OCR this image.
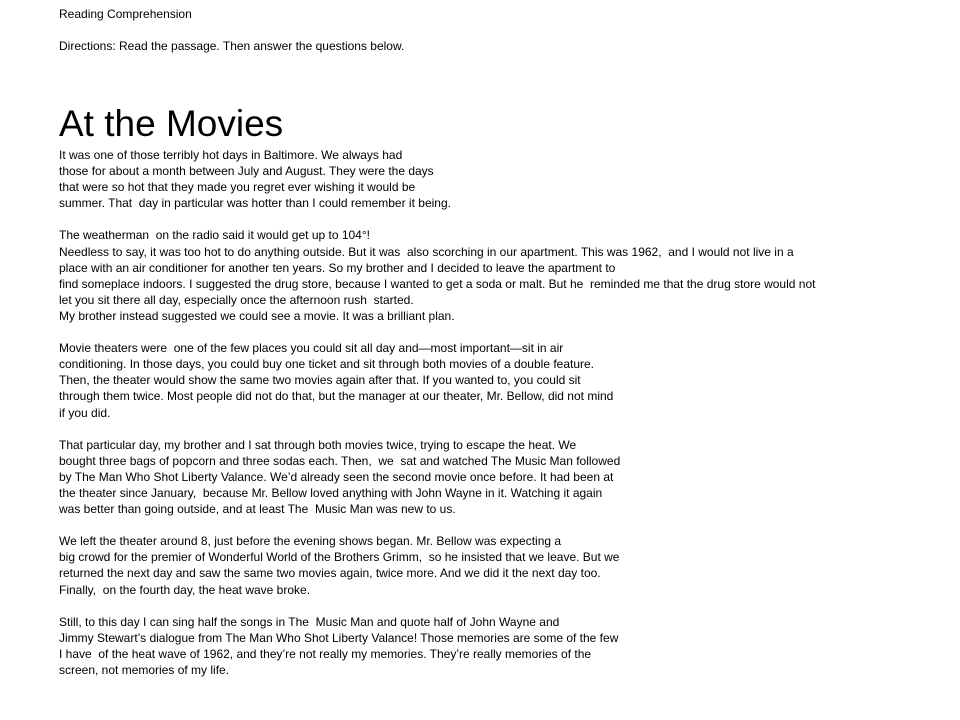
Reading Comprehension
Directions: Read the passage. Then answer the questions below.
At the Movies
It was one of those terribly hot days in Baltimore. We always had
those for about a month between July and August. They were the days
that were so hot that they made you regret ever wishing it would be
summer. That  day in particular was hotter than I could remember it being.
The weatherman  on the radio said it would get up to 104°!
Needless to say, it was too hot to do anything outside. But it was  also scorching in our apartment. This was 1962,  and I would not live in a
place with an air conditioner for another ten years. So my brother and I decided to leave the apartment to
find someplace indoors. I suggested the drug store, because I wanted to get a soda or malt. But he  reminded me that the drug store would not
let you sit there all day, especially once the afternoon rush  started.
My brother instead suggested we could see a movie. It was a brilliant plan.
Movie theaters were  one of the few places you could sit all day and—most important—sit in air
conditioning. In those days, you could buy one ticket and sit through both movies of a double feature.
Then, the theater would show the same two movies again after that. If you wanted to, you could sit
through them twice. Most people did not do that, but the manager at our theater, Mr. Bellow, did not mind
if you did.
That particular day, my brother and I sat through both movies twice, trying to escape the heat. We
bought three bags of popcorn and three sodas each. Then,  we  sat and watched The Music Man followed
by The Man Who Shot Liberty Valance. We’d already seen the second movie once before. It had been at
the theater since January,  because Mr. Bellow loved anything with John Wayne in it. Watching it again
was better than going outside, and at least The  Music Man was new to us.
We left the theater around 8, just before the evening shows began. Mr. Bellow was expecting a
big crowd for the premier of Wonderful World of the Brothers Grimm,  so he insisted that we leave. But we
returned the next day and saw the same two movies again, twice more. And we did it the next day too.
Finally,  on the fourth day, the heat wave broke.
Still, to this day I can sing half the songs in The  Music Man and quote half of John Wayne and
Jimmy Stewart’s dialogue from The Man Who Shot Liberty Valance! Those memories are some of the few
I have  of the heat wave of 1962, and they’re not really my memories. They’re really memories of the
screen, not memories of my life.
